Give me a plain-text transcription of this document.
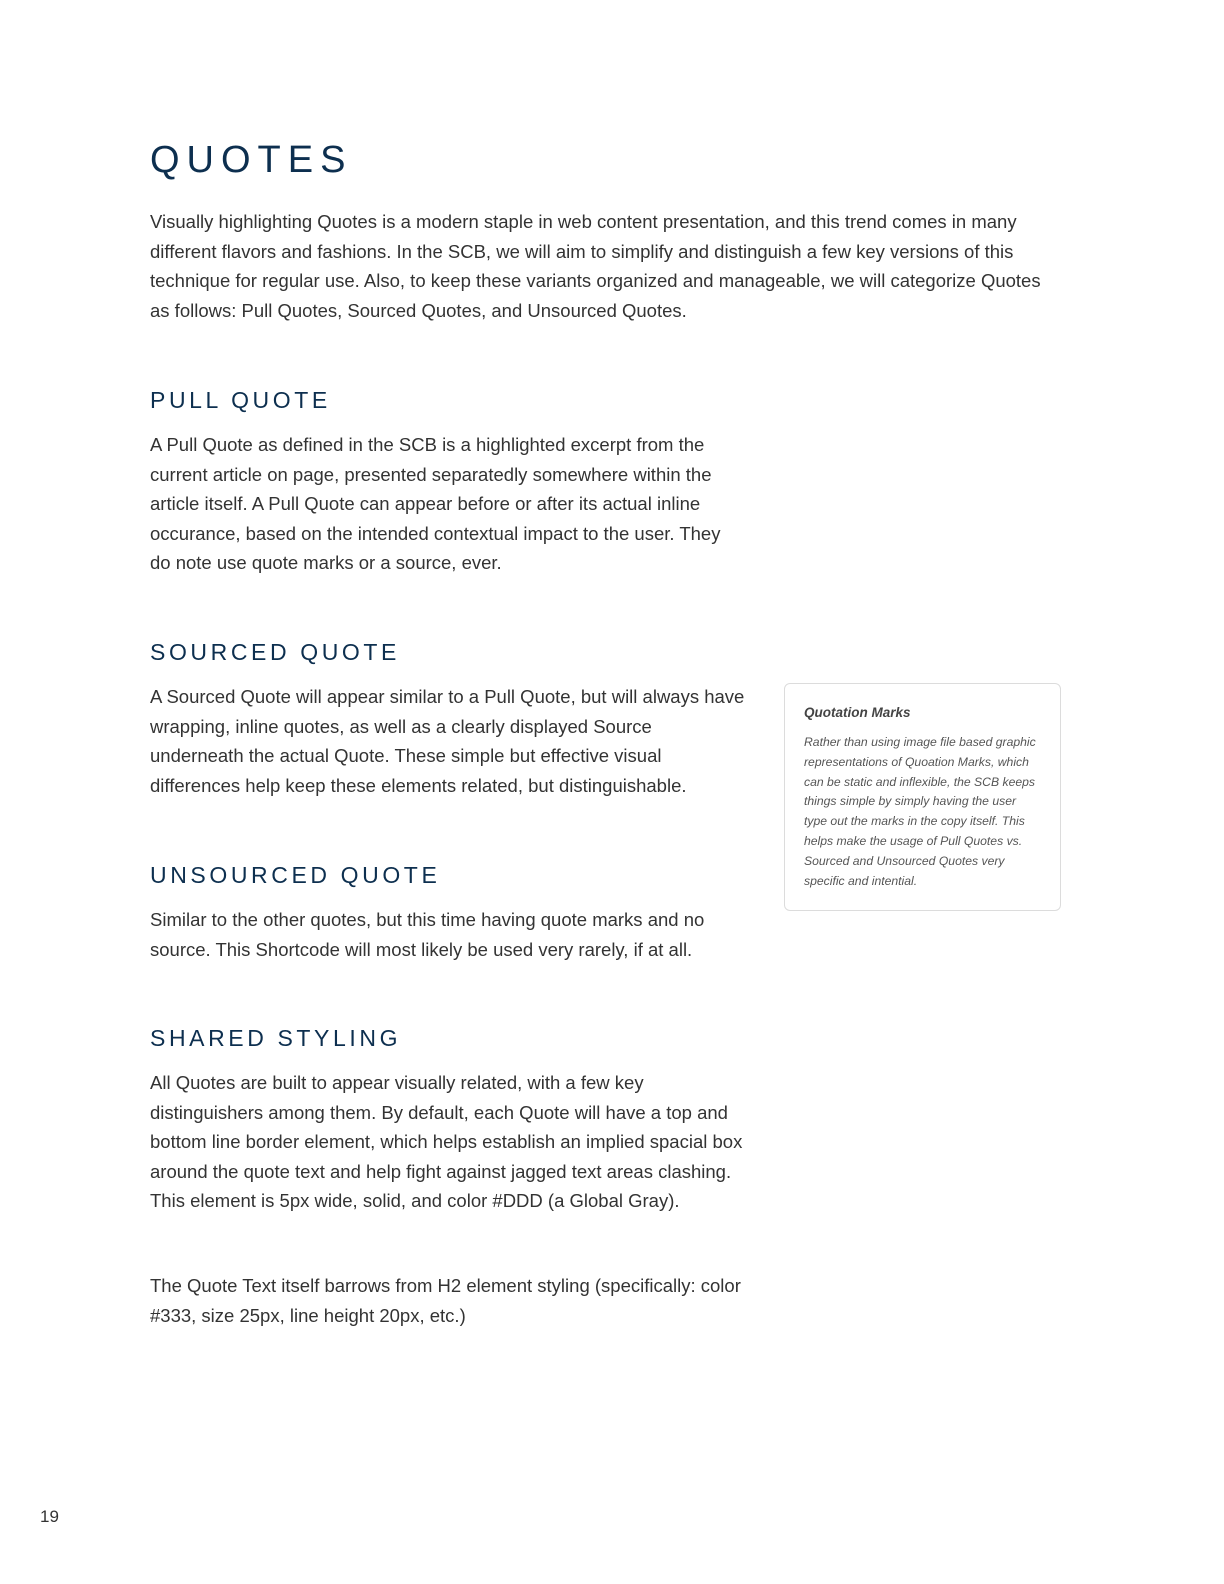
QUOTES

Visually highlighting Quotes is a modern staple in web content presentation, and this trend comes in many different flavors and fashions. In the SCB, we will aim to simplify and distinguish a few key versions of this technique for regular use. Also, to keep these variants organized and manageable, we will categorize Quotes as follows: Pull Quotes, Sourced Quotes, and Unsourced Quotes.

PULL QUOTE

A Pull Quote as defined in the SCB is a highlighted excerpt from the current article on page, presented separatedly somewhere within the article itself. A Pull Quote can appear before or after its actual inline occurance, based on the intended contextual impact to the user. They do note use quote marks or a source, ever.

SOURCED QUOTE

A Sourced Quote will appear similar to a Pull Quote, but will always have wrapping, inline quotes, as well as a clearly displayed Source underneath the actual Quote. These simple but effective visual differences help keep these elements related, but distinguishable.

UNSOURCED QUOTE

Similar to the other quotes, but this time having quote marks and no source. This Shortcode will most likely be used very rarely, if at all.

SHARED STYLING

All Quotes are built to appear visually related, with a few key distinguishers among them. By default, each Quote will have a top and bottom line border element, which helps establish an implied spacial box around the quote text and help fight against jagged text areas clashing. This element is 5px wide, solid, and color #DDD (a Global Gray).

The Quote Text itself barrows from H2 element styling (specifically: color #333, size 25px, line height 20px, etc.)

Quotation Marks

Rather than using image file based graphic representations of Quoation Marks, which can be static and inflexible, the SCB keeps things simple by simply having the user type out the marks in the copy itself. This helps make the usage of Pull Quotes vs. Sourced and Unsourced Quotes very specific and intential.

19
